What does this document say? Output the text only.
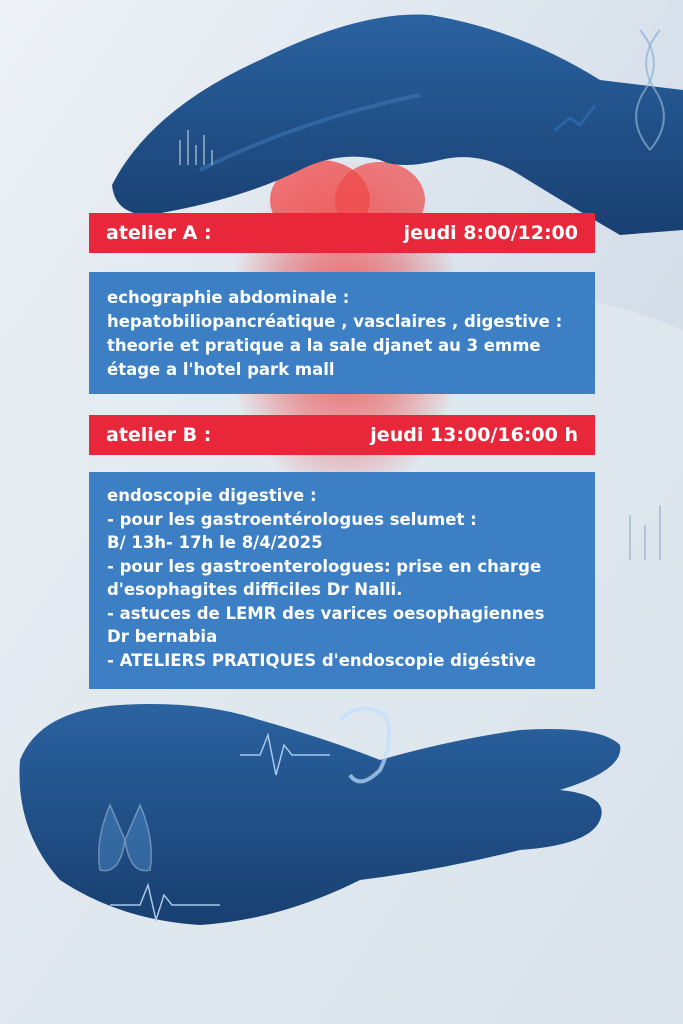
atelier A :	jeudi 8:00/12:00
echographie abdominale :
hepatobiliopancréatique , vasclaires , digestive :
theorie et pratique a la sale djanet au 3 emme
étage a l'hotel park mall
atelier B :	jeudi 13:00/16:00 h
endoscopie digestive :
- pour les gastroentérologues selumet :
B/ 13h- 17h le 8/4/2025
- pour les gastroenterologues: prise en charge
d'esophagites difficiles Dr Nalli.
- astuces de LEMR des varices oesophagiennes
Dr bernabia
- ATELIERS PRATIQUES d'endoscopie digéstive
